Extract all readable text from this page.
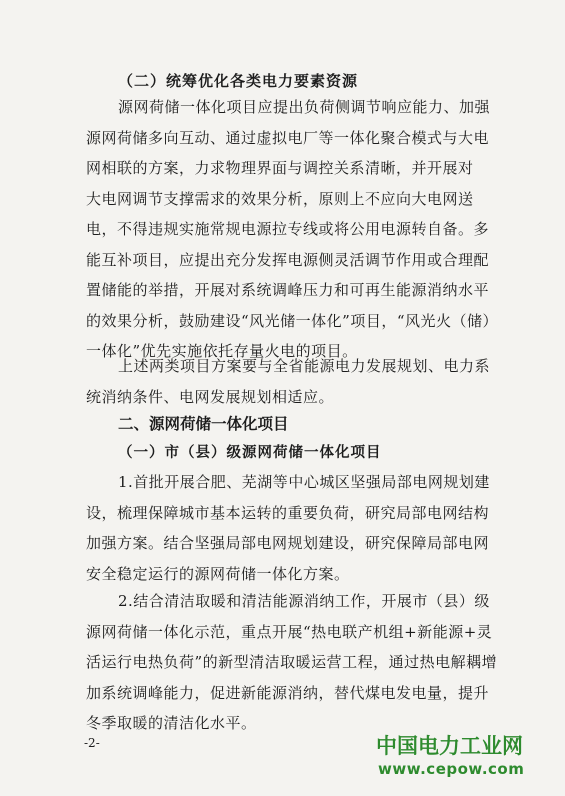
（二）统筹优化各类电力要素资源
源网荷储一体化项目应提出负荷侧调节响应能力、加强
源网荷储多向互动、通过虚拟电厂等一体化聚合模式与大电
网相联的方案，力求物理界面与调控关系清晰，并开展对
大电网调节支撑需求的效果分析，原则上不应向大电网送
电，不得违规实施常规电源拉专线或将公用电源转自备。多
能互补项目，应提出充分发挥电源侧灵活调节作用或合理配
置储能的举措，开展对系统调峰压力和可再生能源消纳水平
的效果分析，鼓励建设“风光储一体化”项目，“风光火（储）
一体化”优先实施依托存量火电的项目。
上述两类项目方案要与全省能源电力发展规划、电力系
统消纳条件、电网发展规划相适应。
二、源网荷储一体化项目
（一）市（县）级源网荷储一体化项目
1.首批开展合肥、芜湖等中心城区坚强局部电网规划建
设，梳理保障城市基本运转的重要负荷，研究局部电网结构
加强方案。结合坚强局部电网规划建设，研究保障局部电网
安全稳定运行的源网荷储一体化方案。
2.结合清洁取暖和清洁能源消纳工作，开展市（县）级
源网荷储一体化示范，重点开展“热电联产机组+新能源+灵
活运行电热负荷”的新型清洁取暖运营工程，通过热电解耦增
加系统调峰能力，促进新能源消纳，替代煤电发电量，提升
冬季取暖的清洁化水平。
-2-	中国电力工业网
www.cepow.com
